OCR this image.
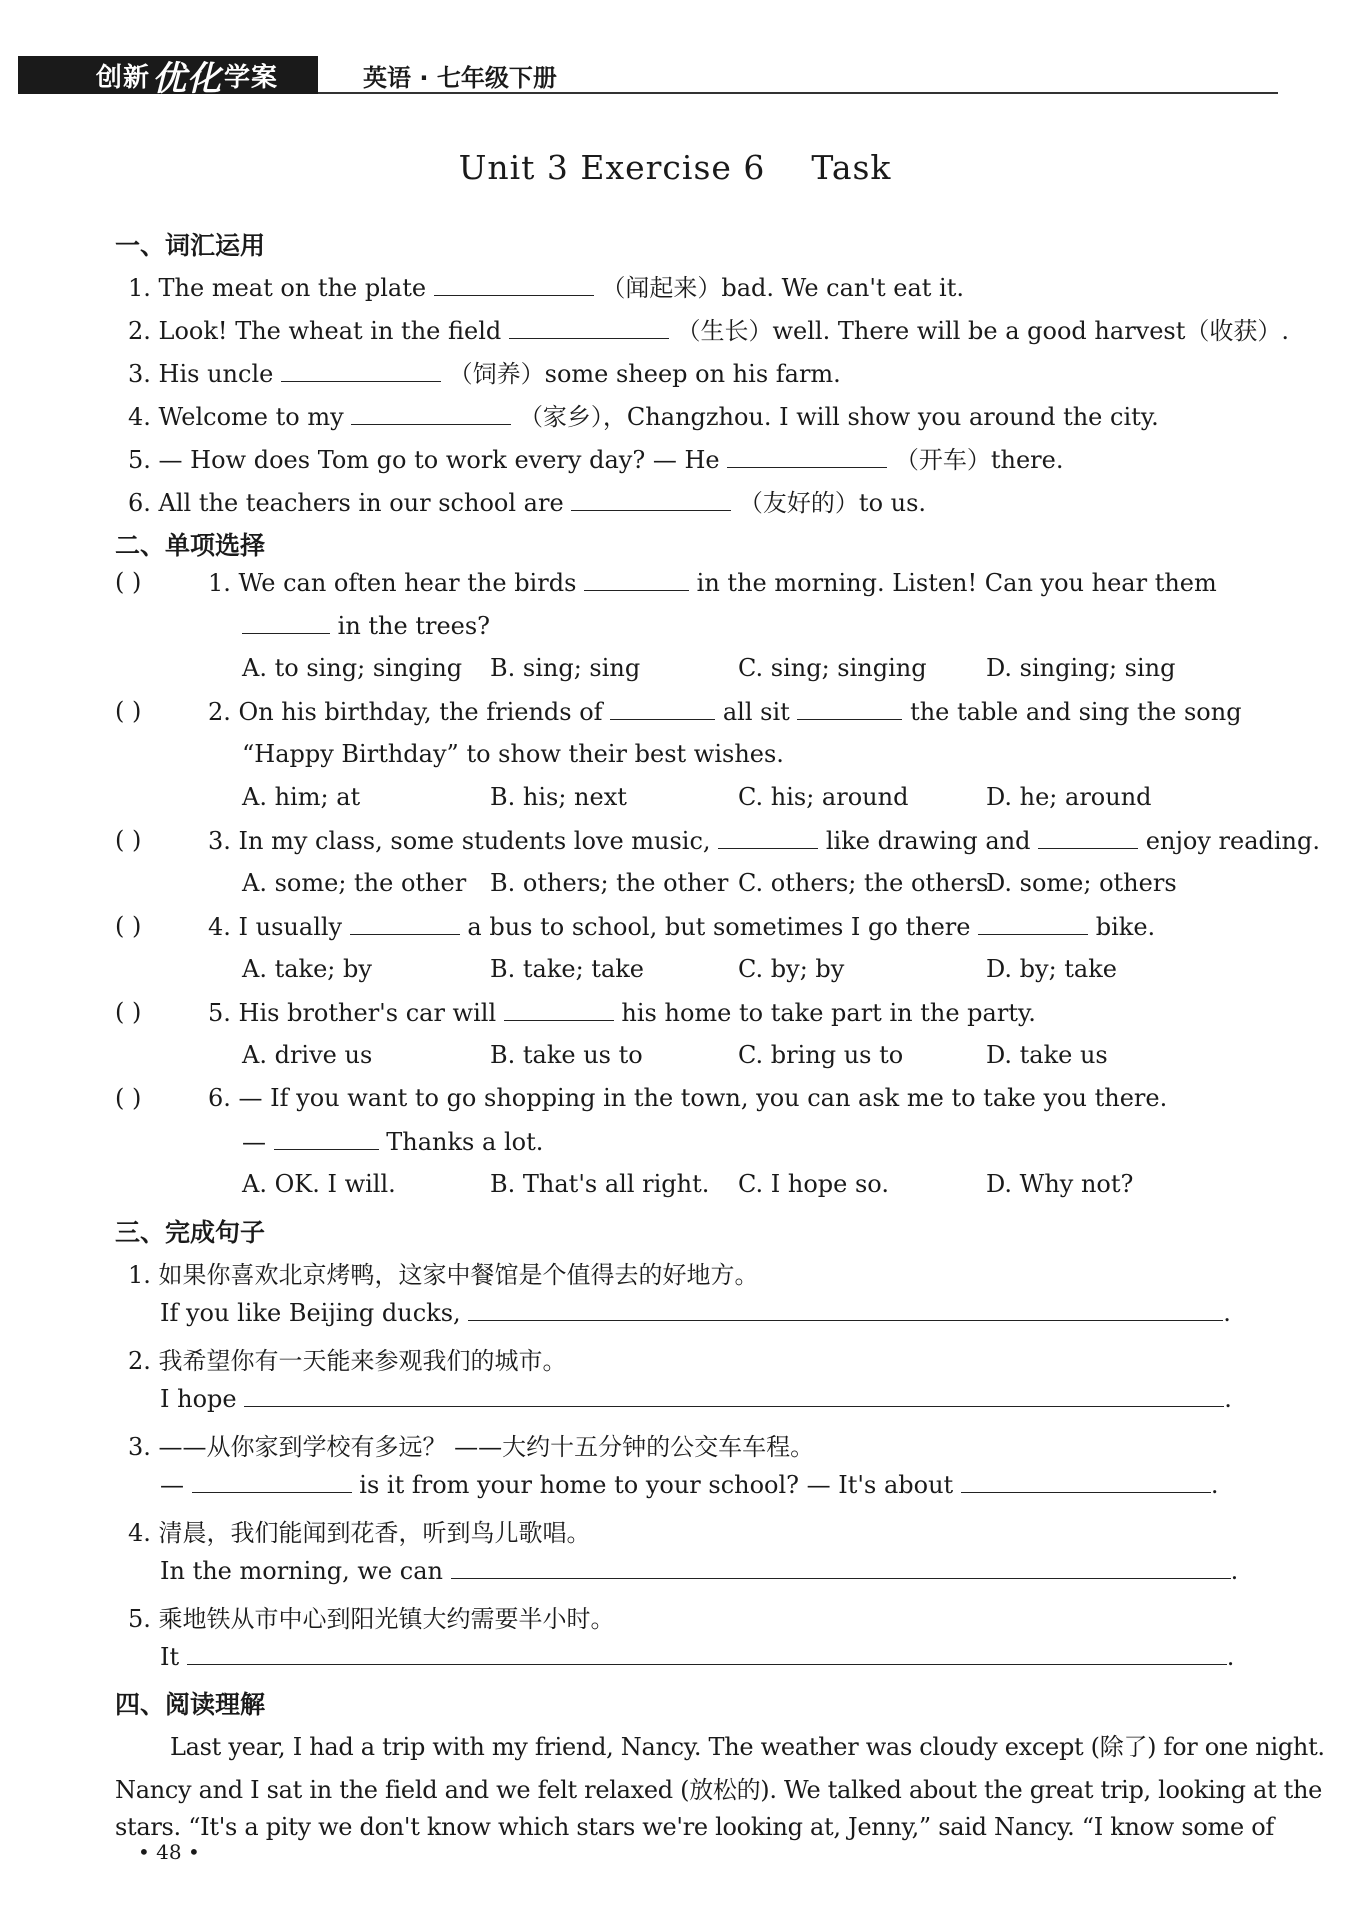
创新 优化 学案	英语 · 七年级下册
Unit 3 Exercise 6    Task
一、词汇运用
1. The meat on the plate	（闻起来）bad. We can't eat it.
2. Look! The wheat in the field	（生长）well. There will be a good harvest（收获）.
3. His uncle	（饲养）some sheep on his farm.
4. Welcome to my	（家乡），Changzhou. I will show you around the city.
5. — How does Tom go to work every day? — He	（开车）there.
6. All the teachers in our school are	（友好的）to us.
二、单项选择
( )	1. We can often hear the birds	in the morning. Listen! Can you hear them
in the trees?
A. to sing; singing B. sing; sing	C. sing; singing D. singing; sing
( )	2. On his birthday, the friends of	all sit	the table and sing the song
“Happy Birthday” to show their best wishes.
A. him; at	B. his; next	C. his; around	D. he; around
( )	3. In my class, some students love music,	like drawing and	enjoy reading.
A. some; the other B. others; the other C. others; the others
D. some; others
( )	4. I usually	a bus to school, but sometimes I go there	bike.
A. take; by	B. take; take	C. by; by	D. by; take
( )	5. His brother's car will	his home to take part in the party.
A. drive us	B. take us to	C. bring us to	D. take us
( )	6. — If you want to go shopping in the town, you can ask me to take you there.
—	Thanks a lot.
A. OK. I will.	B. That's all right. C. I hope so.	D. Why not?
三、完成句子
1. 如果你喜欢北京烤鸭，这家中餐馆是个值得去的好地方。
If you like Beijing ducks,	.
2. 我希望你有一天能来参观我们的城市。
I hope	.
3. ——从你家到学校有多远？ ——大约十五分钟的公交车车程。
—	is it from your home to your school? — It's about	.
4. 清晨，我们能闻到花香，听到鸟儿歌唱。
In the morning, we can	.
5. 乘地铁从市中心到阳光镇大约需要半小时。
It	.
四、阅读理解
Last year, I had a trip with my friend, Nancy. The weather was cloudy except (除了) for one night.
Nancy and I sat in the field and we felt relaxed (放松的). We talked about the great trip, looking at the
stars. “It's a pity we don't know which stars we're looking at, Jenny,” said Nancy. “I know some of
• 48 •
